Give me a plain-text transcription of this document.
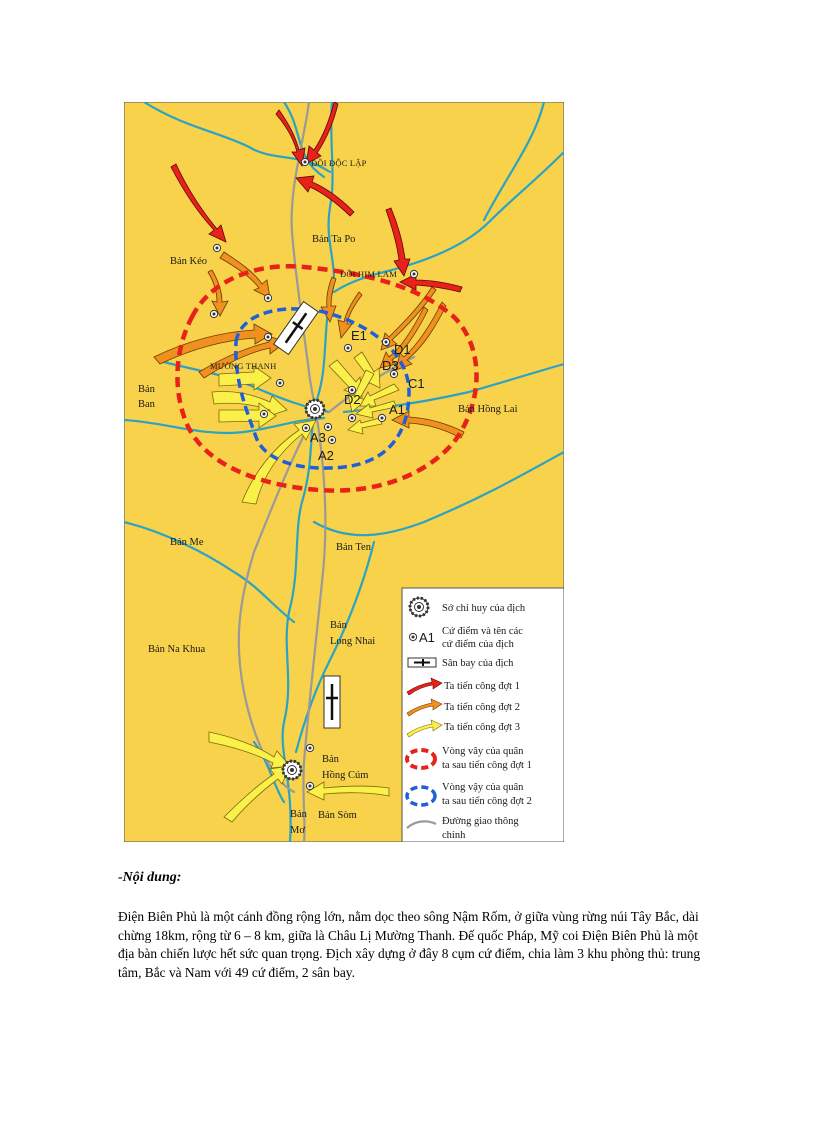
ĐỒI ĐỘC LẬP
Bản Ta Po
Bản Kéo
ĐỒI HIM LAM
MƯỜNG THANH
Bản
Ban	Bản Hồng Lai
Bản Me	Bản Ten
Bản Na Khua
Bản
Long Nhai
Bản
Hồng Cúm
Bản
Mơ
Bản Sòm
E1
D1
D3
C1
D2
A1
A3
A2
Sở chỉ huy của địch
A1 Cứ điểm và tên các
cứ điểm của địch
Sân bay của địch
Ta tiến công đợt 1
Ta tiến công đợt 2
Ta tiến công đợt 3
Vòng vây của quân
ta sau tiến công đợt 1
Vòng vậy của quân
ta sau tiến công đợt 2
Đường giao thông
chính

-Nội dung:

Điện Biên Phủ là một cánh đồng rộng lớn, nằm dọc theo sông Nậm Rốm, ở giữa vùng rừng núi Tây Bắc, dài chừng 18km, rộng từ 6 – 8 km, giữa là Châu Lị Mường Thanh. Đế quốc Pháp, Mỹ coi Điện Biên Phủ là một địa bàn chiến lược hết sức quan trọng. Địch xây dựng ở đây 8 cụm cứ điểm, chia làm 3 khu phòng thủ: trung tâm, Bắc và Nam với 49 cứ điểm, 2 sân bay.
